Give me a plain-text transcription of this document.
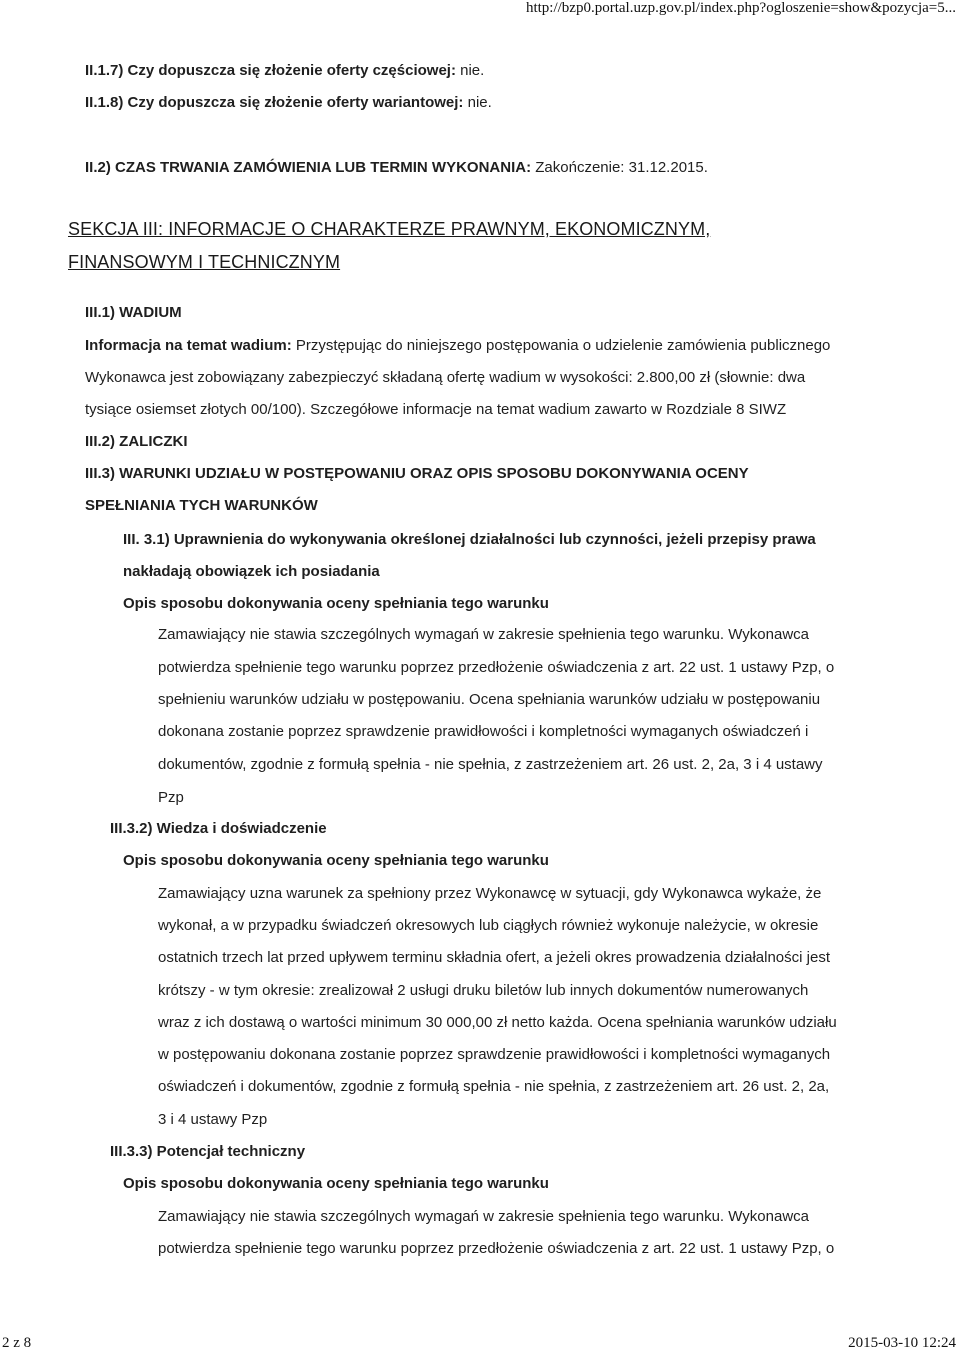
http://bzp0.portal.uzp.gov.pl/index.php?ogloszenie=show&pozycja=5...
II.1.7) Czy dopuszcza się złożenie oferty częściowej: nie.
II.1.8) Czy dopuszcza się złożenie oferty wariantowej: nie.
II.2) CZAS TRWANIA ZAMÓWIENIA LUB TERMIN WYKONANIA: Zakończenie: 31.12.2015.
SEKCJA III: INFORMACJE O CHARAKTERZE PRAWNYM, EKONOMICZNYM,
FINANSOWYM I TECHNICZNYM
III.1) WADIUM
Informacja na temat wadium: Przystępując do niniejszego postępowania o udzielenie zamówienia publicznego
Wykonawca jest zobowiązany zabezpieczyć składaną ofertę wadium w wysokości: 2.800,00 zł (słownie: dwa
tysiące osiemset złotych 00/100). Szczegółowe informacje na temat wadium zawarto w Rozdziale 8 SIWZ
III.2) ZALICZKI
III.3) WARUNKI UDZIAŁU W POSTĘPOWANIU ORAZ OPIS SPOSOBU DOKONYWANIA OCENY
SPEŁNIANIA TYCH WARUNKÓW
III. 3.1) Uprawnienia do wykonywania określonej działalności lub czynności, jeżeli przepisy prawa
nakładają obowiązek ich posiadania
Opis sposobu dokonywania oceny spełniania tego warunku
Zamawiający nie stawia szczególnych wymagań w zakresie spełnienia tego warunku. Wykonawca
potwierdza spełnienie tego warunku poprzez przedłożenie oświadczenia z art. 22 ust. 1 ustawy Pzp, o
spełnieniu warunków udziału w postępowaniu. Ocena spełniania warunków udziału w postępowaniu
dokonana zostanie poprzez sprawdzenie prawidłowości i kompletności wymaganych oświadczeń i
dokumentów, zgodnie z formułą spełnia - nie spełnia, z zastrzeżeniem art. 26 ust. 2, 2a, 3 i 4 ustawy
Pzp
III.3.2) Wiedza i doświadczenie
Opis sposobu dokonywania oceny spełniania tego warunku
Zamawiający uzna warunek za spełniony przez Wykonawcę w sytuacji, gdy Wykonawca wykaże, że
wykonał, a w przypadku świadczeń okresowych lub ciągłych również wykonuje należycie, w okresie
ostatnich trzech lat przed upływem terminu składnia ofert, a jeżeli okres prowadzenia działalności jest
krótszy - w tym okresie: zrealizował 2 usługi druku biletów lub innych dokumentów numerowanych
wraz z ich dostawą o wartości minimum 30 000,00 zł netto każda. Ocena spełniania warunków udziału
w postępowaniu dokonana zostanie poprzez sprawdzenie prawidłowości i kompletności wymaganych
oświadczeń i dokumentów, zgodnie z formułą spełnia - nie spełnia, z zastrzeżeniem art. 26 ust. 2, 2a,
3 i 4 ustawy Pzp
III.3.3) Potencjał techniczny
Opis sposobu dokonywania oceny spełniania tego warunku
Zamawiający nie stawia szczególnych wymagań w zakresie spełnienia tego warunku. Wykonawca
potwierdza spełnienie tego warunku poprzez przedłożenie oświadczenia z art. 22 ust. 1 ustawy Pzp, o
2 z 8	2015-03-10 12:24
